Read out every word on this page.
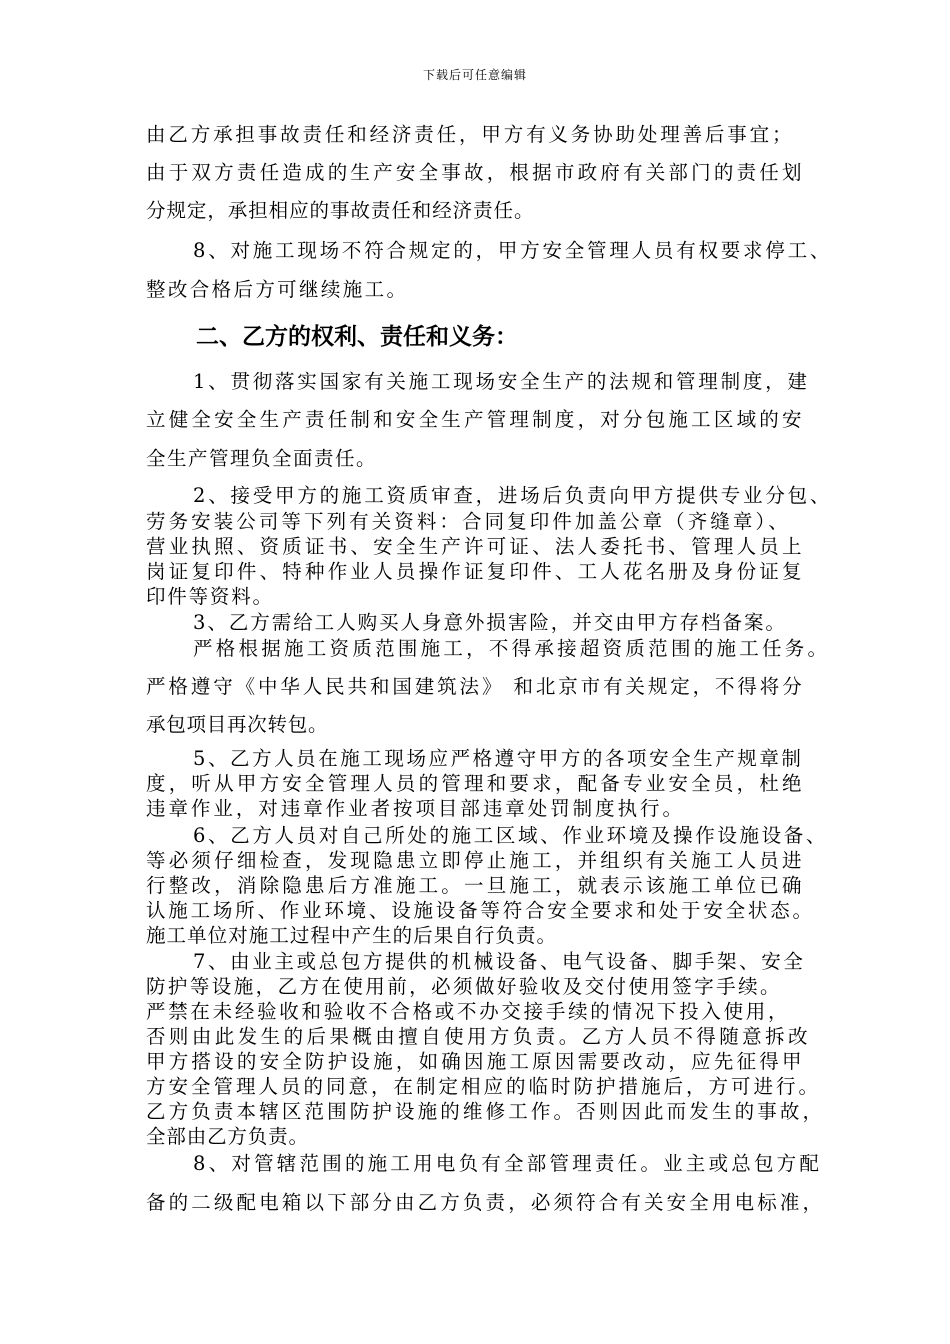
下载后可任意编辑
由乙方承担事故责任和经济责任，甲方有义务协助处理善后事宜；
由于双方责任造成的生产安全事故，根据市政府有关部门的责任划
分规定，承担相应的事故责任和经济责任。
8、对施工现场不符合规定的，甲方安全管理人员有权要求停工、
整改合格后方可继续施工。
二、乙方的权利、责任和义务：
1、贯彻落实国家有关施工现场安全生产的法规和管理制度，建
立健全安全生产责任制和安全生产管理制度，对分包施工区域的安
全生产管理负全面责任。
2、接受甲方的施工资质审查，进场后负责向甲方提供专业分包、
劳务安装公司等下列有关资料：合同复印件加盖公章（齐缝章）、
营业执照、资质证书、安全生产许可证、法人委托书、管理人员上
岗证复印件、特种作业人员操作证复印件、工人花名册及身份证复
印件等资料。
3、乙方需给工人购买人身意外损害险，并交由甲方存档备案。
严格根据施工资质范围施工，不得承接超资质范围的施工任务。
严格遵守《中华人民共和国建筑法》 和北京市有关规定，不得将分
承包项目再次转包。
5、乙方人员在施工现场应严格遵守甲方的各项安全生产规章制
度，听从甲方安全管理人员的管理和要求，配备专业安全员，杜绝
违章作业，对违章作业者按项目部违章处罚制度执行。
6、乙方人员对自己所处的施工区域、作业环境及操作设施设备、
等必须仔细检查，发现隐患立即停止施工，并组织有关施工人员进
行整改，消除隐患后方准施工。一旦施工，就表示该施工单位已确
认施工场所、作业环境、设施设备等符合安全要求和处于安全状态。
施工单位对施工过程中产生的后果自行负责。
7、由业主或总包方提供的机械设备、电气设备、脚手架、安全
防护等设施，乙方在使用前，必须做好验收及交付使用签字手续。
严禁在未经验收和验收不合格或不办交接手续的情况下投入使用，
否则由此发生的后果概由擅自使用方负责。乙方人员不得随意拆改
甲方搭设的安全防护设施，如确因施工原因需要改动，应先征得甲
方安全管理人员的同意，在制定相应的临时防护措施后，方可进行。
乙方负责本辖区范围防护设施的维修工作。否则因此而发生的事故，
全部由乙方负责。
8、对管辖范围的施工用电负有全部管理责任。业主或总包方配
备的二级配电箱以下部分由乙方负责，必须符合有关安全用电标准，
